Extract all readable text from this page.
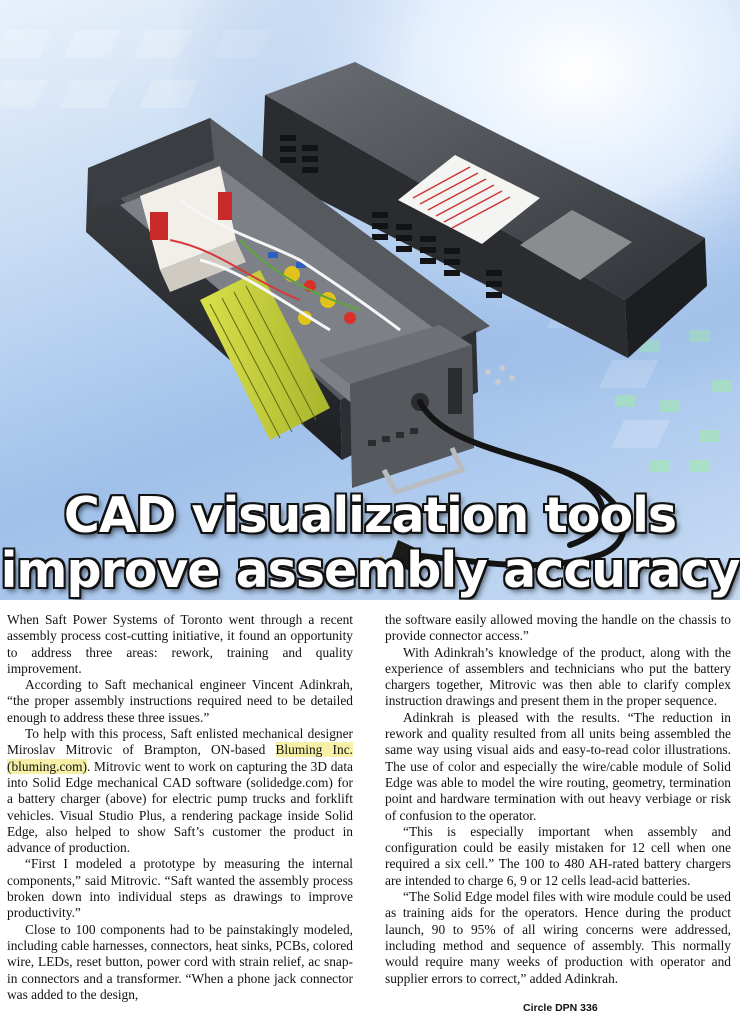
CAD visualization tools
improve assembly accuracy

When Saft Power Systems of Toronto went through a recent assembly process cost-cutting initiative, it found an opportunity to address three areas: rework, training and quality improvement.

According to Saft mechanical engineer Vincent Adinkrah, “the proper assembly instructions required need to be detailed enough to address these three issues.”

To help with this process, Saft enlisted mechanical designer Miroslav Mitrovic of Brampton, ON-based Bluming Inc. (bluming.com). Mitrovic went to work on capturing the 3D data into Solid Edge mechanical CAD software (solidedge.com) for a battery charger (above) for electric pump trucks and forklift vehicles. Visual Studio Plus, a rendering package inside Solid Edge, also helped to show Saft’s customer the product in advance of production.

“First I modeled a prototype by measuring the internal components,” said Mitrovic. “Saft wanted the assembly process broken down into individual steps as drawings to improve productivity.”

Close to 100 components had to be painstakingly modeled, including cable harnesses, connectors, heat sinks, PCBs, colored wire, LEDs, reset button, power cord with strain relief, ac snap-in connectors and a transformer. “When a phone jack connector was added to the design,

the software easily allowed moving the handle on the chassis to provide connector access.”

With Adinkrah’s knowledge of the product, along with the experience of assemblers and technicians who put the battery chargers together, Mitrovic was then able to clarify complex instruction drawings and present them in the proper sequence.

Adinkrah is pleased with the results. “The reduction in rework and quality resulted from all units being assembled the same way using visual aids and easy-to-read color illustrations. The use of color and especially the wire/cable module of Solid Edge was able to model the wire routing, geometry, termination point and hardware termination with out heavy verbiage or risk of confusion to the operator.

“This is especially important when assembly and configuration could be easily mistaken for 12 cell when one required a six cell.” The 100 to 480 AH-rated battery chargers are intended to charge 6, 9 or 12 cells lead-acid batteries.

“The Solid Edge model files with wire module could be used as training aids for the operators. Hence during the product launch, 90 to 95% of all wiring concerns were addressed, including method and sequence of assembly. This normally would require many weeks of production with operator and supplier errors to correct,” added Adinkrah.

Circle DPN 336
